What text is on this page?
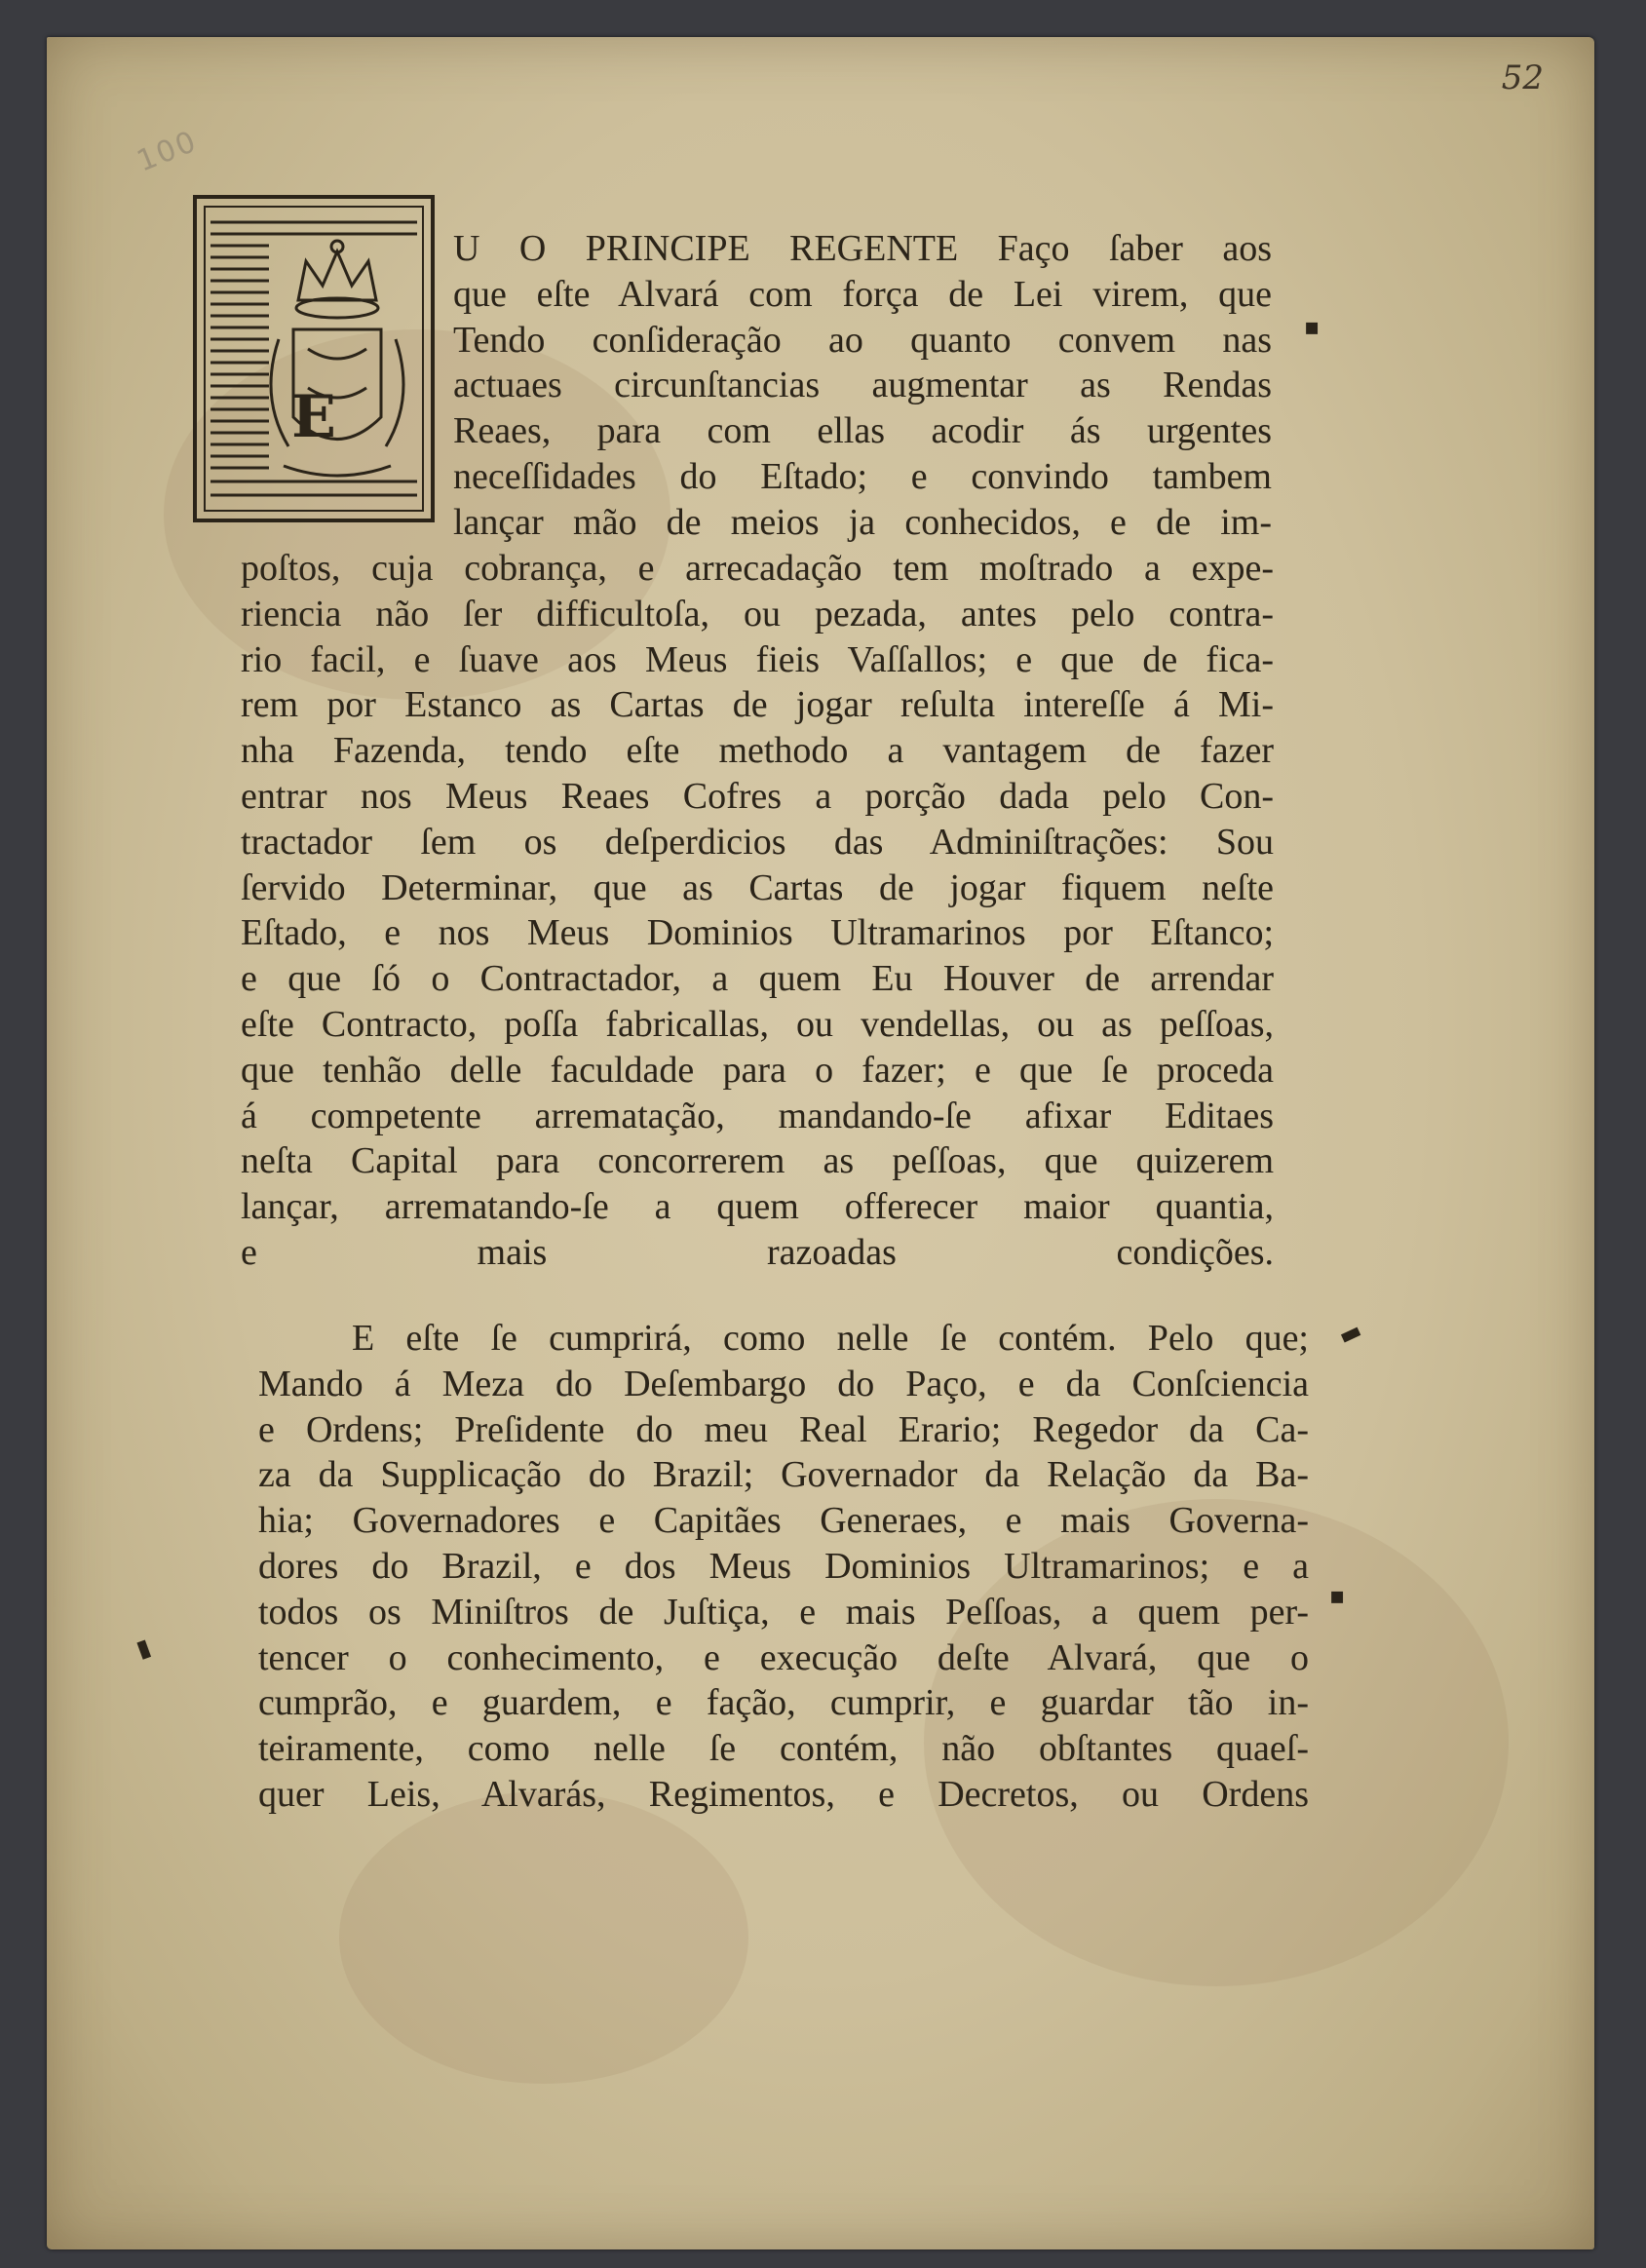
52
100
▪
▪
▬
▬
E
U O PRINCIPE REGENTE Faço ſaber aos
que eſte Alvará com força de Lei virem, que
Tendo conſideração ao quanto convem nas
actuaes circunſtancias augmentar as Rendas
Reaes, para com ellas acodir ás urgentes
neceſſidades do Eſtado; e convindo tambem
lançar mão de meios ja conhecidos, e de im-
poſtos, cuja cobrança, e arrecadação tem moſtrado a expe-
riencia não ſer difficultoſa, ou pezada, antes pelo contra-
rio facil, e ſuave aos Meus fieis Vaſſallos; e que de fica-
rem por Estanco as Cartas de jogar reſulta intereſſe á Mi-
nha Fazenda, tendo eſte methodo a vantagem de fazer
entrar nos Meus Reaes Cofres a porção dada pelo Con-
tractador ſem os deſperdicios das Adminiſtrações: Sou
ſervido Determinar, que as Cartas de jogar fiquem neſte
Eſtado, e nos Meus Dominios Ultramarinos por Eſtanco;
e que ſó o Contractador, a quem Eu Houver de arrendar
eſte Contracto, poſſa fabricallas, ou vendellas, ou as peſſoas,
que tenhão delle faculdade para o fazer; e que ſe proceda
á competente arrematação, mandando-ſe afixar Editaes
neſta Capital para concorrerem as peſſoas, que quizerem
lançar, arrematando-ſe a quem offerecer maior quantia,
e mais razoadas condições.
E eſte ſe cumprirá, como nelle ſe contém. Pelo que;
Mando á Meza do Deſembargo do Paço, e da Conſciencia
e Ordens; Preſidente do meu Real Erario; Regedor da Ca-
za da Supplicação do Brazil; Governador da Relação da Ba-
hia; Governadores e Capitães Generaes, e mais Governa-
dores do Brazil, e dos Meus Dominios Ultramarinos; e a
todos os Miniſtros de Juſtiça, e mais Peſſoas, a quem per-
tencer o conhecimento, e execução deſte Alvará, que o
cumprão, e guardem, e fação, cumprir, e guardar tão in-
teiramente, como nelle ſe contém, não obſtantes quaeſ-
quer Leis, Alvarás, Regimentos, e Decretos, ou Ordens
